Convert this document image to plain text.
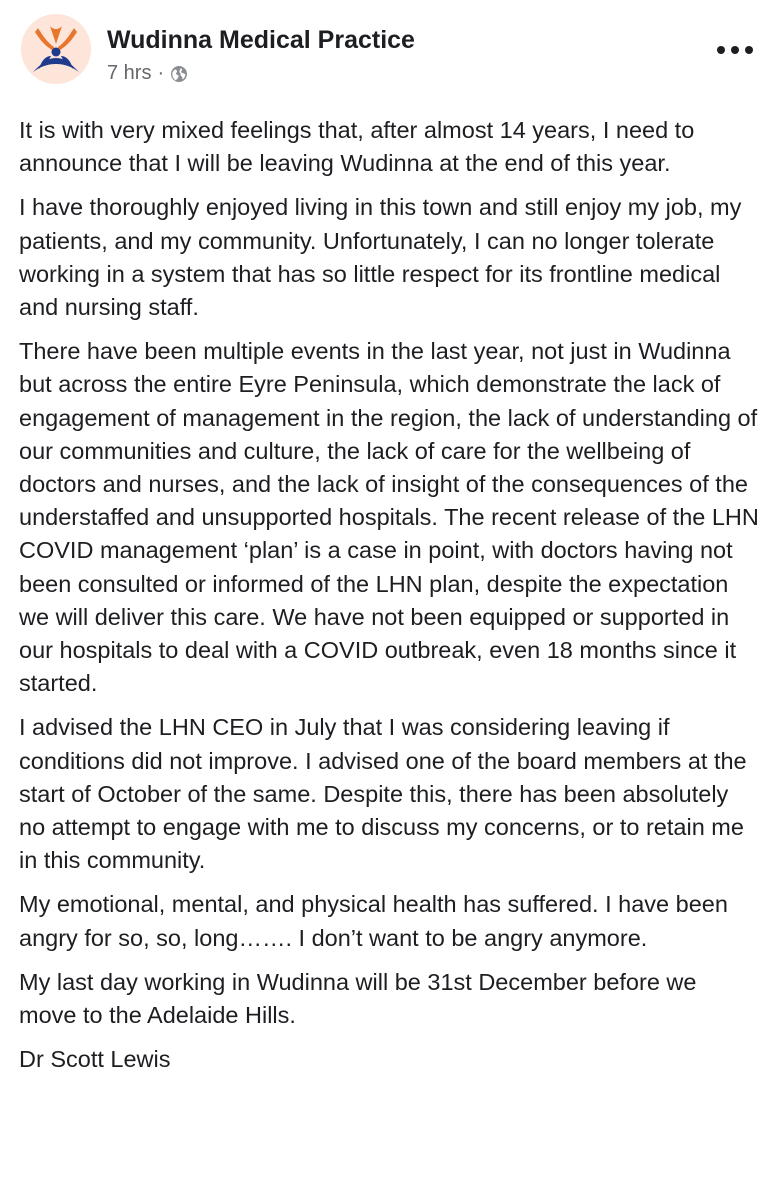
Wudinna Medical Practice
7 hrs ·

It is with very mixed feelings that, after almost 14 years, I need to announce that I will be leaving Wudinna at the end of this year.

I have thoroughly enjoyed living in this town and still enjoy my job, my patients, and my community. Unfortunately, I can no longer tolerate working in a system that has so little respect for its frontline medical and nursing staff.

There have been multiple events in the last year, not just in Wudinna but across the entire Eyre Peninsula, which demonstrate the lack of engagement of management in the region, the lack of understanding of our communities and culture, the lack of care for the wellbeing of doctors and nurses, and the lack of insight of the consequences of the understaffed and unsupported hospitals. The recent release of the LHN COVID management ‘plan’ is a case in point, with doctors having not been consulted or informed of the LHN plan, despite the expectation we will deliver this care. We have not been equipped or supported in our hospitals to deal with a COVID outbreak, even 18 months since it started.

I advised the LHN CEO in July that I was considering leaving if conditions did not improve. I advised one of the board members at the start of October of the same. Despite this, there has been absolutely no attempt to engage with me to discuss my concerns, or to retain me in this community.

My emotional, mental, and physical health has suffered. I have been angry for so, so, long……. I don’t want to be angry anymore.

My last day working in Wudinna will be 31st December before we move to the Adelaide Hills.

Dr Scott Lewis
